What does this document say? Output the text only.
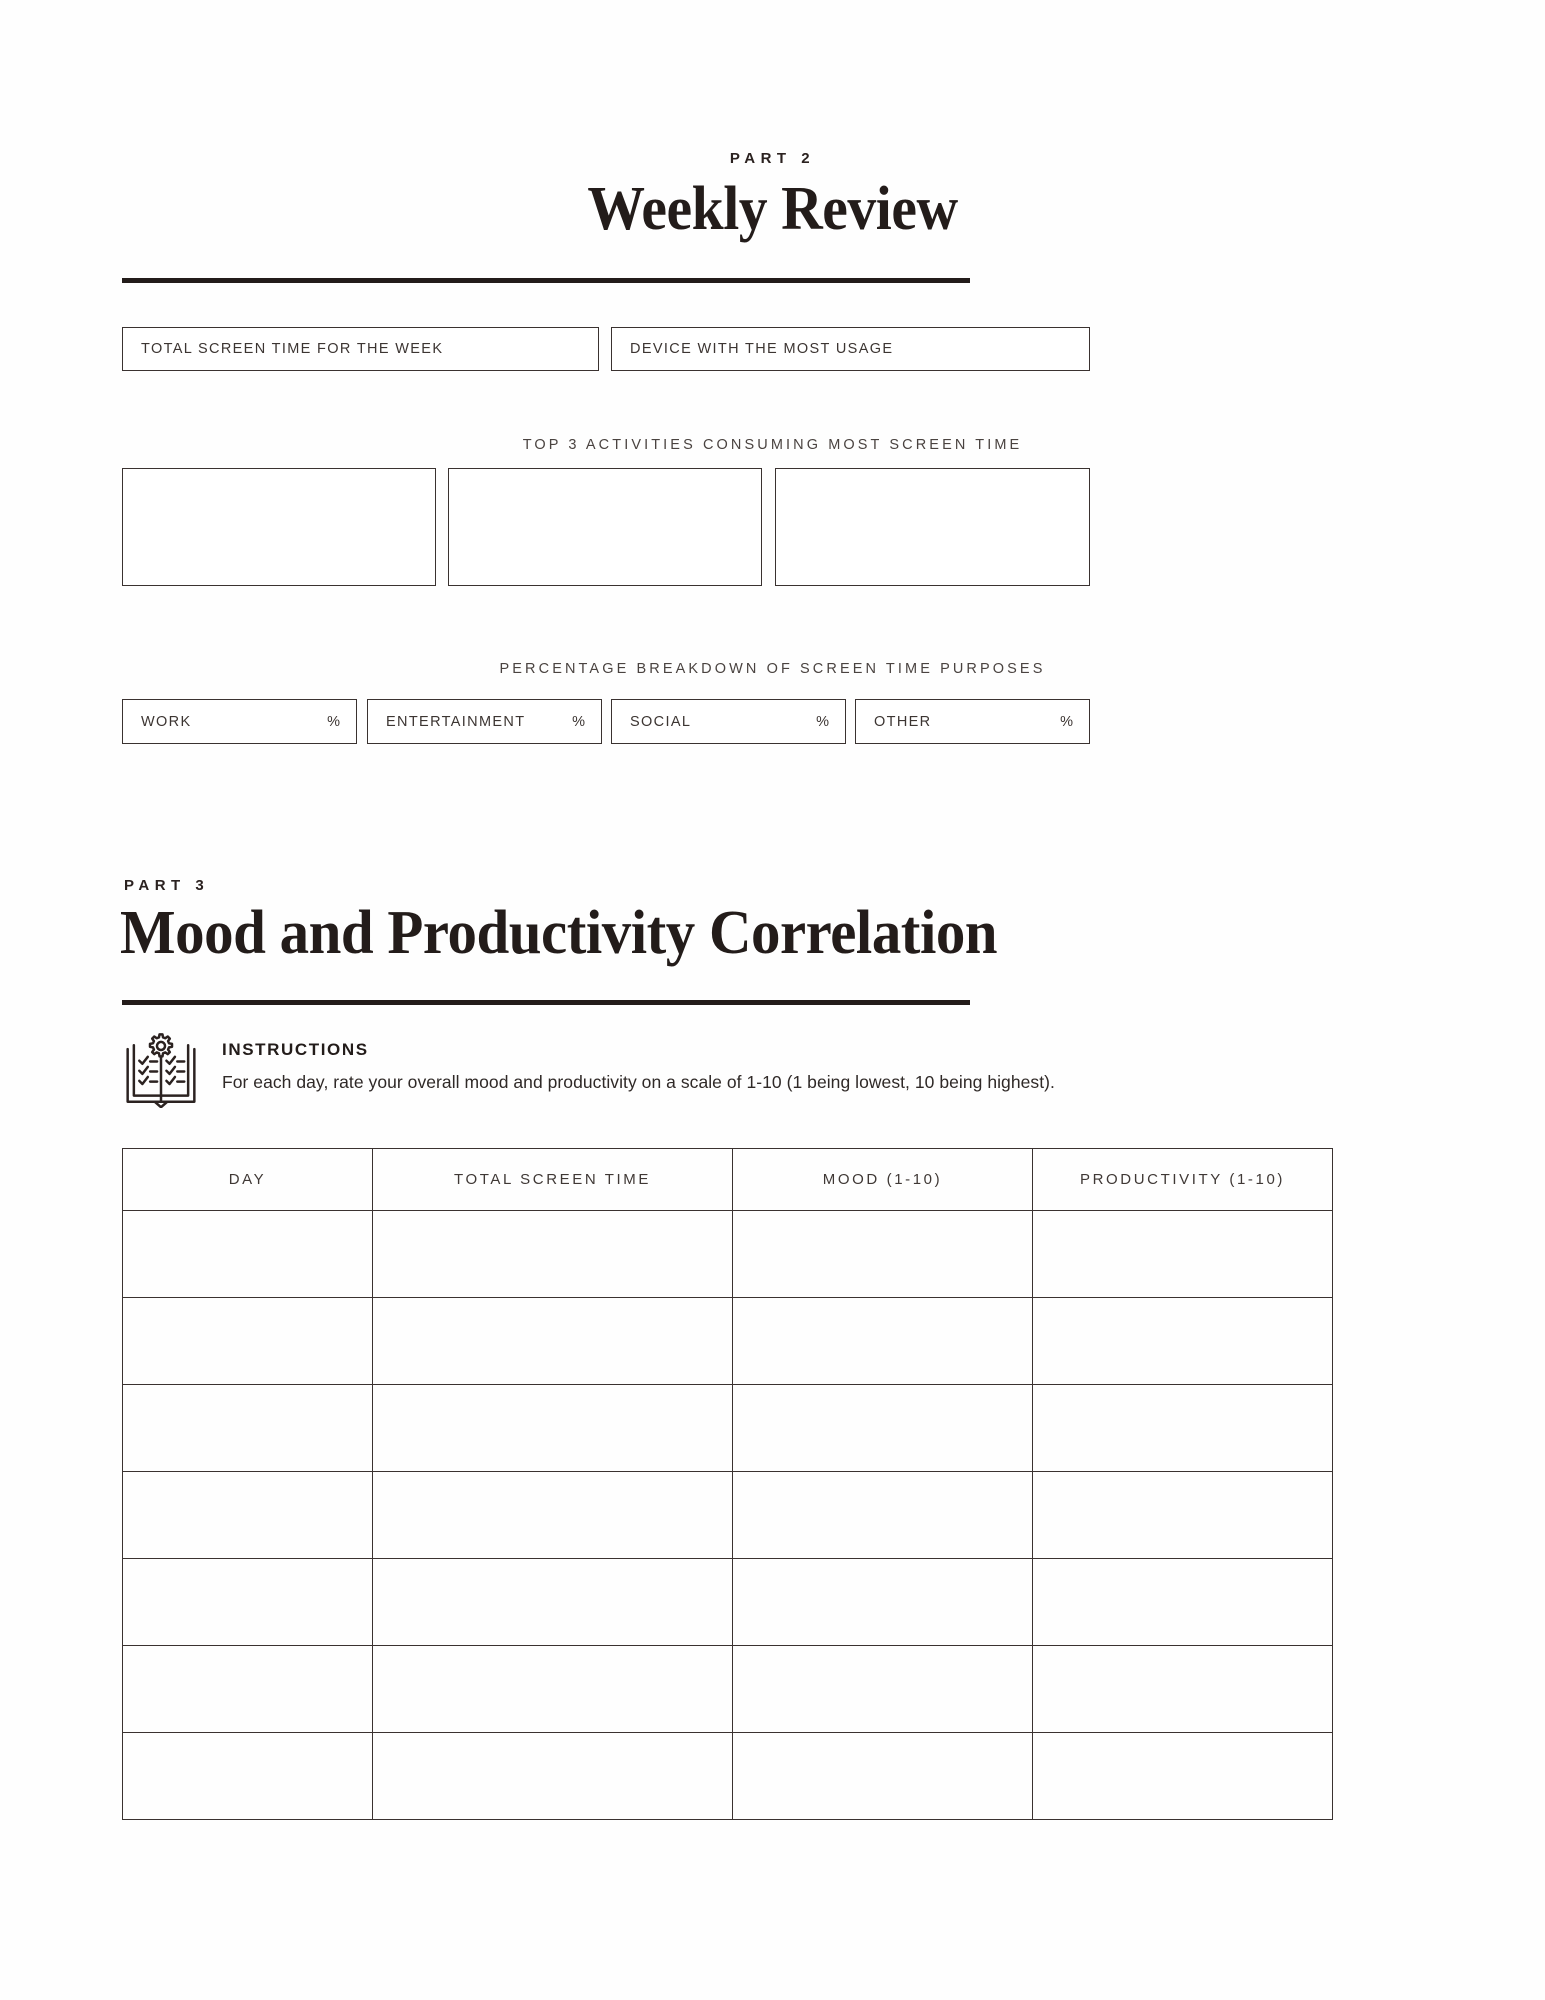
PART 2
Weekly Review
TOTAL SCREEN TIME FOR THE WEEK	DEVICE WITH THE MOST USAGE
TOP 3 ACTIVITIES CONSUMING MOST SCREEN TIME
PERCENTAGE BREAKDOWN OF SCREEN TIME PURPOSES
WORK	%	ENTERTAINMENT	%	SOCIAL	%	OTHER	%
PART 3
Mood and Productivity Correlation
INSTRUCTIONS
For each day, rate your overall mood and productivity on a scale of 1-10 (1 being lowest, 10 being highest).
DAY	TOTAL SCREEN TIME	MOOD (1-10)	PRODUCTIVITY (1-10)
